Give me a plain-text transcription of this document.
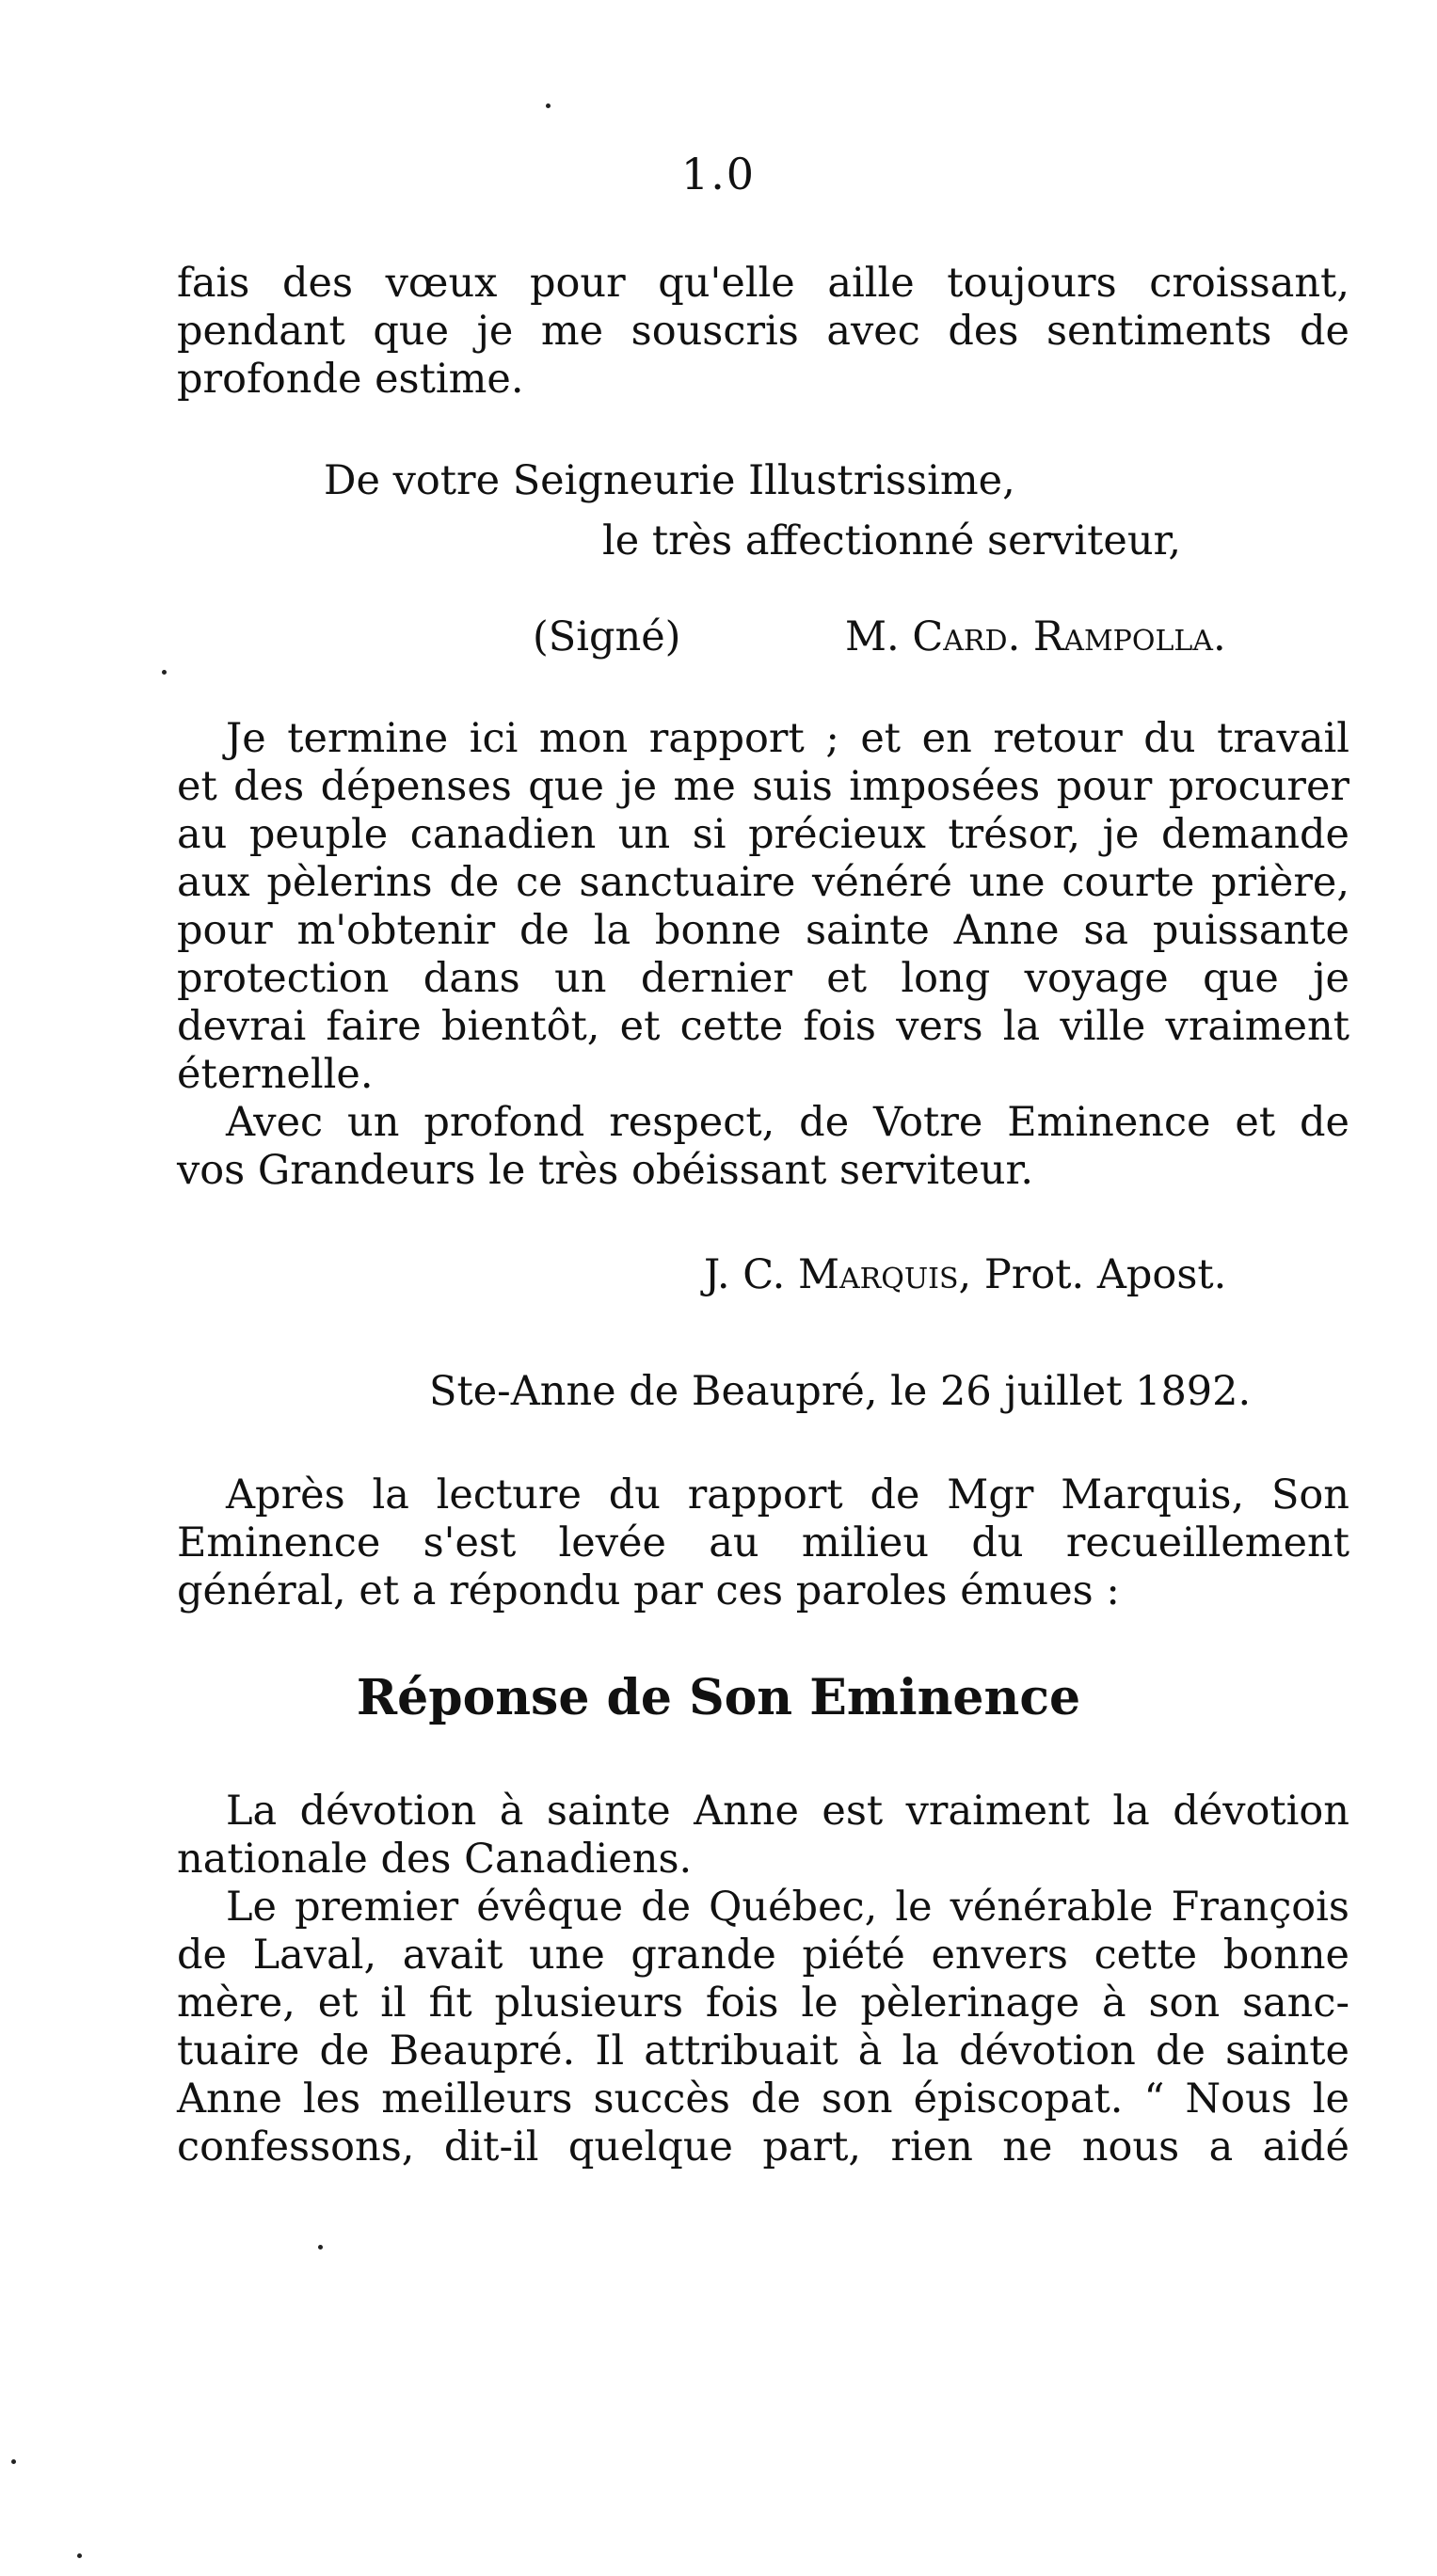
1.0
fais des vœux pour qu'elle aille toujours croissant,
pendant que je me souscris avec des sentiments de
profonde estime.
De votre Seigneurie Illustrissime,
le très affectionné serviteur,
(Signé)	M. Card. Rampolla.
Je termine ici mon rapport ; et en retour du travail
et des dépenses que je me suis imposées pour procurer
au peuple canadien un si précieux trésor, je demande
aux pèlerins de ce sanctuaire vénéré une courte prière,
pour m'obtenir de la bonne sainte Anne sa puissante
protection dans un dernier et long voyage que je
devrai faire bientôt, et cette fois vers la ville vraiment
éternelle.
Avec un profond respect, de Votre Eminence et de
vos Grandeurs le très obéissant serviteur.
J. C. Marquis, Prot. Apost.
Ste-Anne de Beaupré, le 26 juillet 1892.
Après la lecture du rapport de Mgr Marquis, Son
Eminence s'est levée au milieu du recueillement
général, et a répondu par ces paroles émues :
Réponse de Son Eminence
La dévotion à sainte Anne est vraiment la dévotion
nationale des Canadiens.
Le premier évêque de Québec, le vénérable François
de Laval, avait une grande piété envers cette bonne
mère, et il fit plusieurs fois le pèlerinage à son sanc-
tuaire de Beaupré. Il attribuait à la dévotion de sainte
Anne les meilleurs succès de son épiscopat. “ Nous le
confessons, dit-il quelque part, rien ne nous a aidé
